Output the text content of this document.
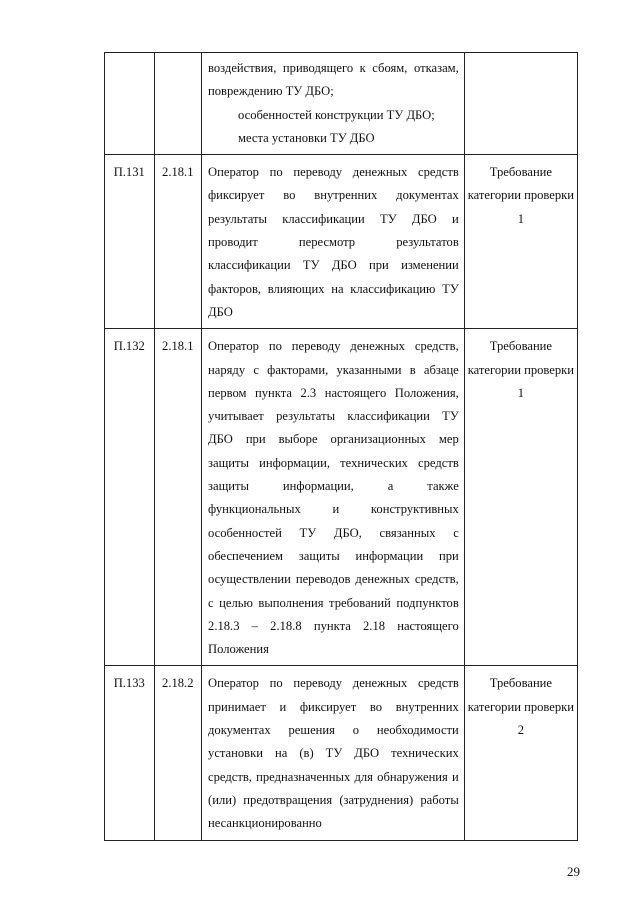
		воздействия, приводящего к сбоям, отказам, повреждению ТУ ДБО;
особенностей конструкции ТУ ДБО;
места установки ТУ ДБО	

П.131	2.18.1	Оператор по переводу денежных средств фиксирует во внутренних документах результаты классификации ТУ ДБО и проводит пересмотр результатов классификации ТУ ДБО при изменении факторов, влияющих на классификацию ТУ ДБО	Требование категории проверки 1
П.132	2.18.1	Оператор по переводу денежных средств, наряду с факторами, указанными в абзаце первом пункта 2.3 настоящего Положения, учитывает результаты классификации ТУ ДБО при выборе организационных мер защиты информации, технических средств защиты информации, а также функциональных и конструктивных особенностей ТУ ДБО, связанных с обеспечением защиты информации при осуществлении переводов денежных средств, с целью выполнения требований подпунктов 2.18.3 – 2.18.8 пункта 2.18 настоящего Положения	Требование категории проверки 1
П.133	2.18.2	Оператор по переводу денежных средств принимает и фиксирует во внутренних документах решения о необходимости установки на (в) ТУ ДБО технических средств, предназначенных для обнаружения и (или) предотвращения (затруднения) работы несанкционированно	Требование категории проверки 2
29
